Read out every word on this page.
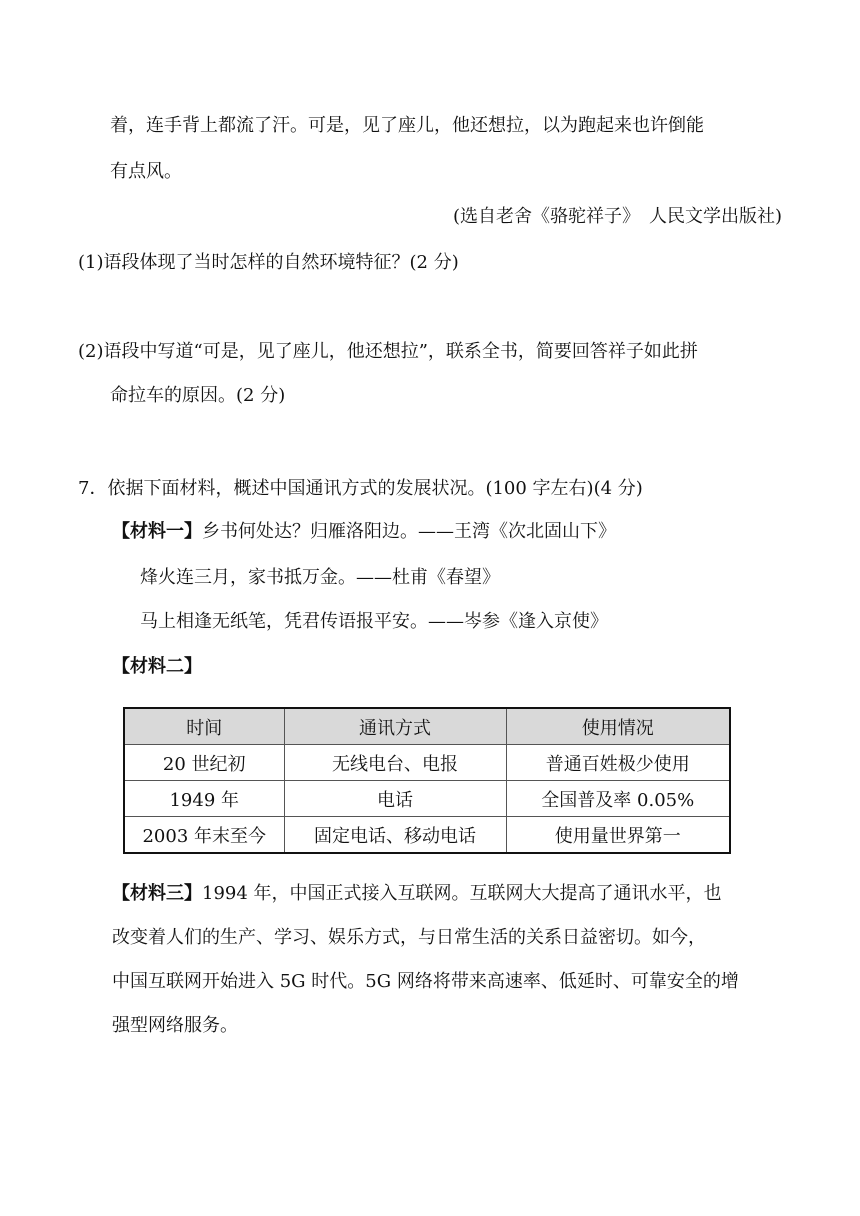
着，连手背上都流了汗。可是，见了座儿，他还想拉，以为跑起来也许倒能
有点风。
(选自老舍《骆驼祥子》　人民文学出版社)
(1)语段体现了当时怎样的自然环境特征？(2 分)
(2)语段中写道“可是，见了座儿，他还想拉”，联系全书，简要回答祥子如此拼
命拉车的原因。(2 分)
7．依据下面材料，概述中国通讯方式的发展状况。(100 字左右)(4 分)
【材料一】乡书何处达？归雁洛阳边。——王湾《次北固山下》
烽火连三月，家书抵万金。——杜甫《春望》
马上相逢无纸笔，凭君传语报平安。——岑参《逢入京使》
【材料二】
时间	通讯方式	使用情况
20 世纪初	无线电台、电报	普通百姓极少使用
1949 年	电话	全国普及率 0.05%
2003 年末至今	固定电话、移动电话	使用量世界第一
【材料三】1994 年，中国正式接入互联网。互联网大大提高了通讯水平，也
改变着人们的生产、学习、娱乐方式，与日常生活的关系日益密切。如今，
中国互联网开始进入 5G 时代。5G 网络将带来高速率、低延时、可靠安全的增
强型网络服务。
